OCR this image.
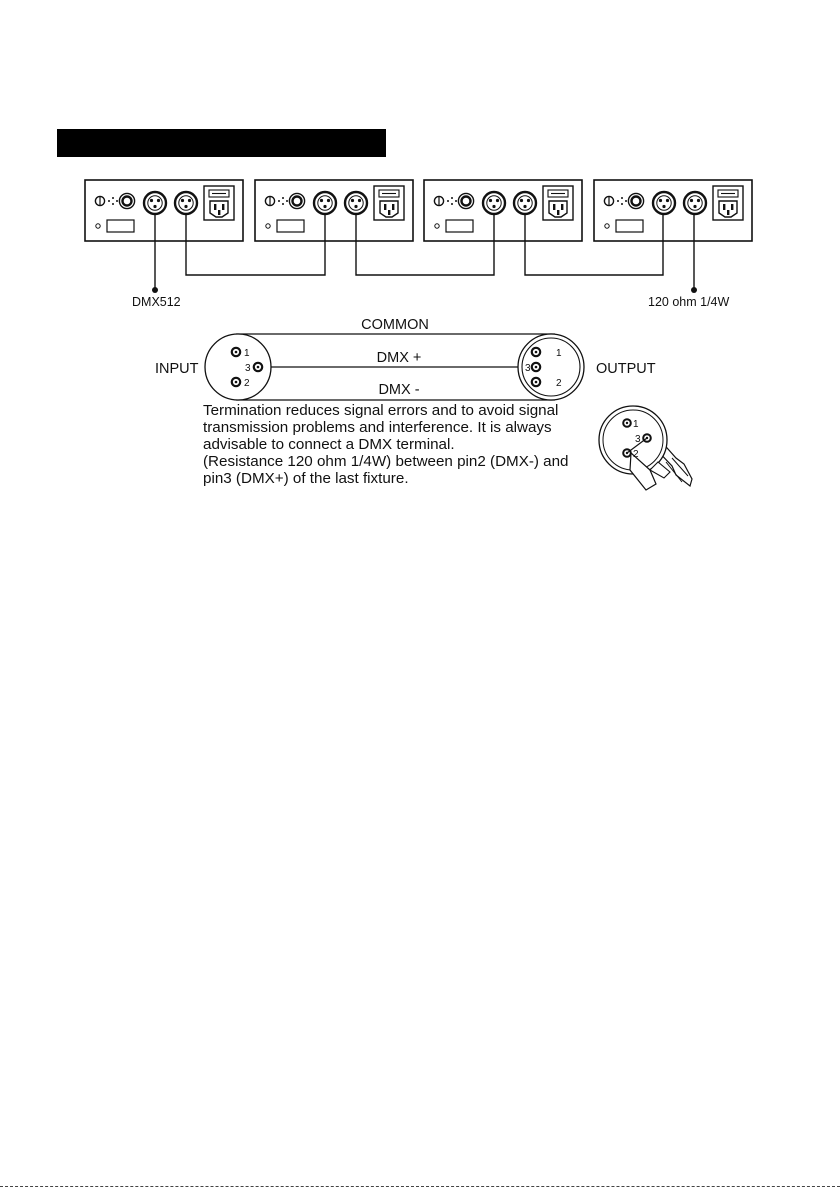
DMX512	120 ohm 1/4W
1
3
2
1
3
2
COMMON
DMX +
DMX -
INPUT	OUTPUT
1
3
2

Termination reduces signal errors and to avoid signal
transmission problems and interference. It is always
advisable to connect a DMX terminal.
(Resistance 120 ohm 1/4W) between pin2 (DMX-) and
pin3 (DMX+) of the last fixture.
